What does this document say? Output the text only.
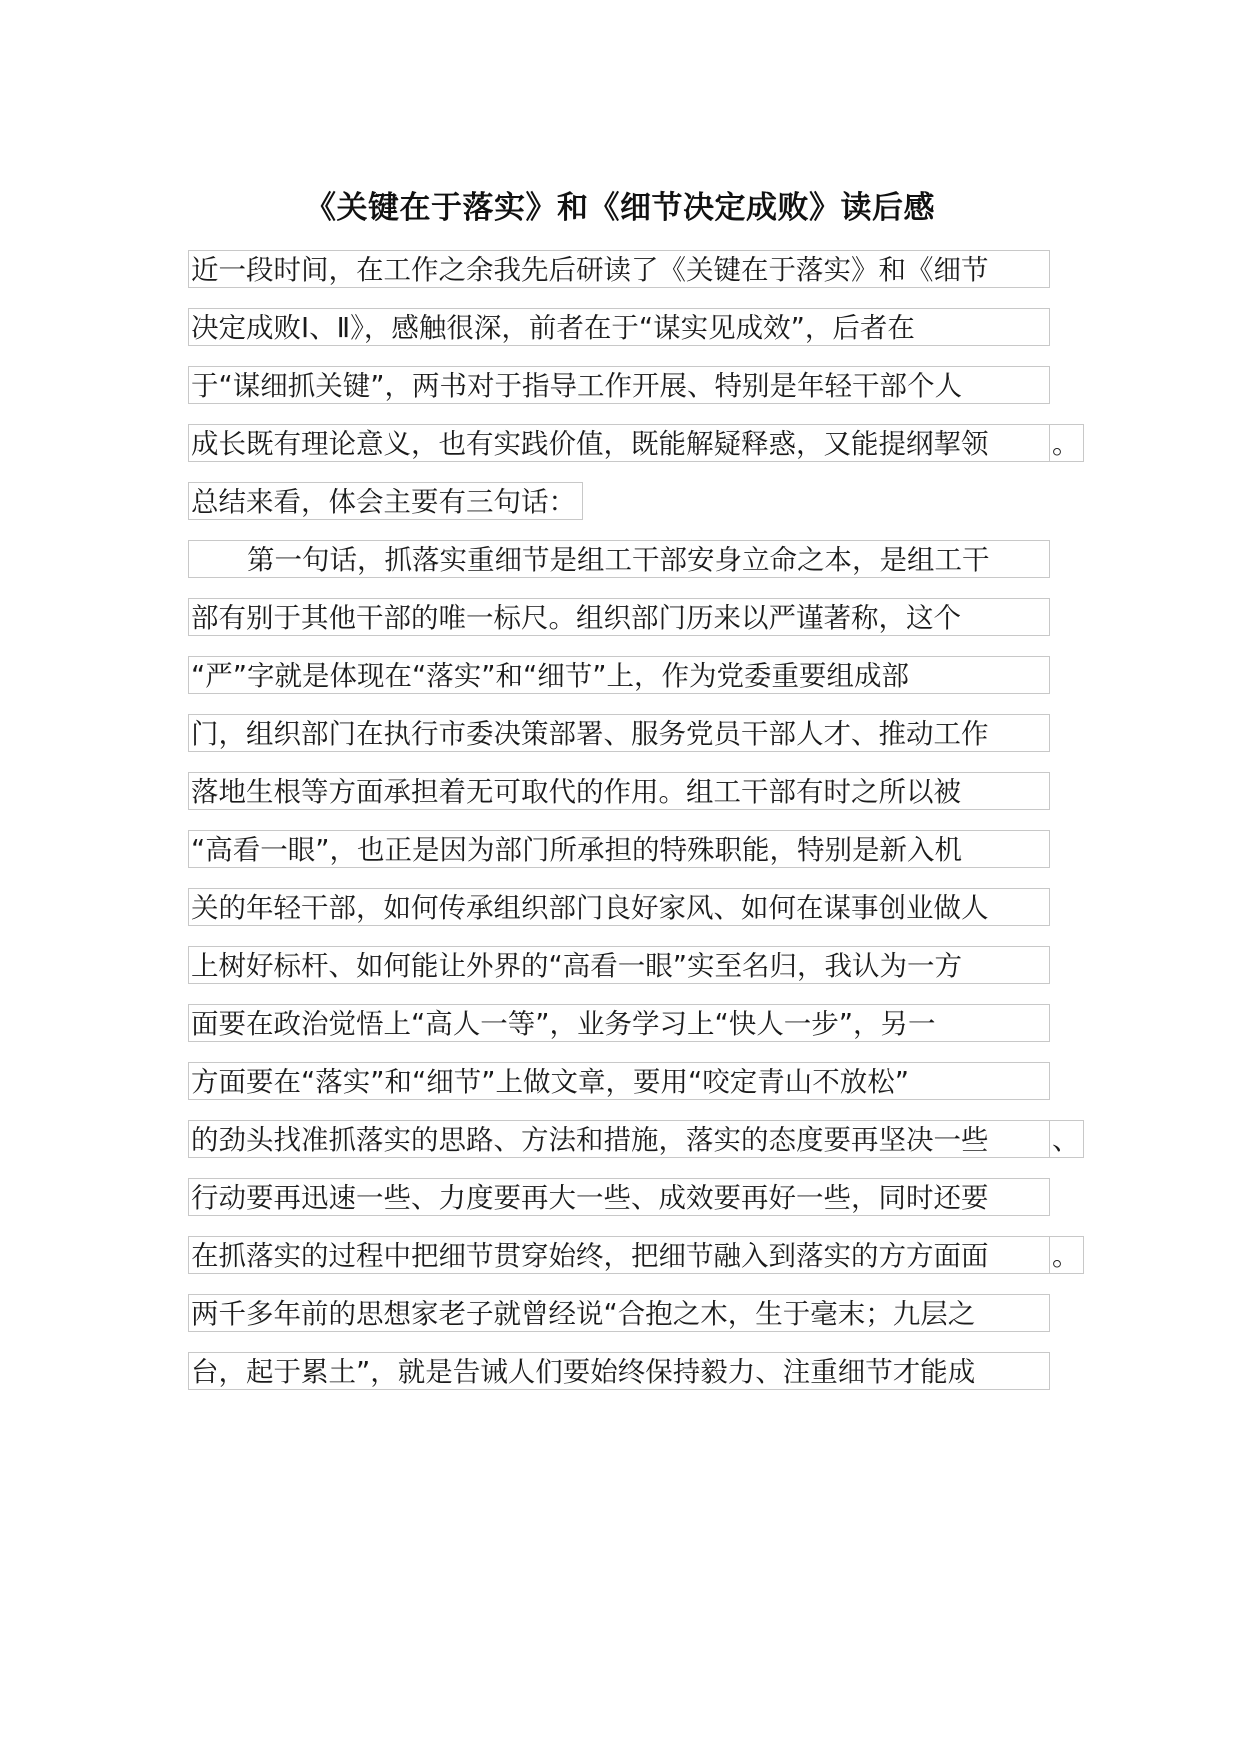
《关键在于落实》和《细节决定成败》读后感
近一段时间，在工作之余我先后研读了《关键在于落实》和《细节
决定成败Ⅰ、Ⅱ》，感触很深，前者在于“谋实见成效”，后者在
于“谋细抓关键”，两书对于指导工作开展、特别是年轻干部个人
成长既有理论意义，也有实践价值，既能解疑释惑，又能提纲挈领 。
总结来看，体会主要有三句话：
第一句话，抓落实重细节是组工干部安身立命之本，是组工干
部有别于其他干部的唯一标尺。组织部门历来以严谨著称，这个
“严”字就是体现在“落实”和“细节”上，作为党委重要组成部
门，组织部门在执行市委决策部署、服务党员干部人才、推动工作
落地生根等方面承担着无可取代的作用。组工干部有时之所以被
“高看一眼”，也正是因为部门所承担的特殊职能，特别是新入机
关的年轻干部，如何传承组织部门良好家风、如何在谋事创业做人
上树好标杆、如何能让外界的“高看一眼”实至名归，我认为一方
面要在政治觉悟上“高人一等”，业务学习上“快人一步”，另一
方面要在“落实”和“细节”上做文章，要用“咬定青山不放松”
的劲头找准抓落实的思路、方法和措施，落实的态度要再坚决一些 、
行动要再迅速一些、力度要再大一些、成效要再好一些，同时还要
在抓落实的过程中把细节贯穿始终，把细节融入到落实的方方面面 。
两千多年前的思想家老子就曾经说“合抱之木，生于毫末；九层之
台，起于累土”，就是告诫人们要始终保持毅力、注重细节才能成
